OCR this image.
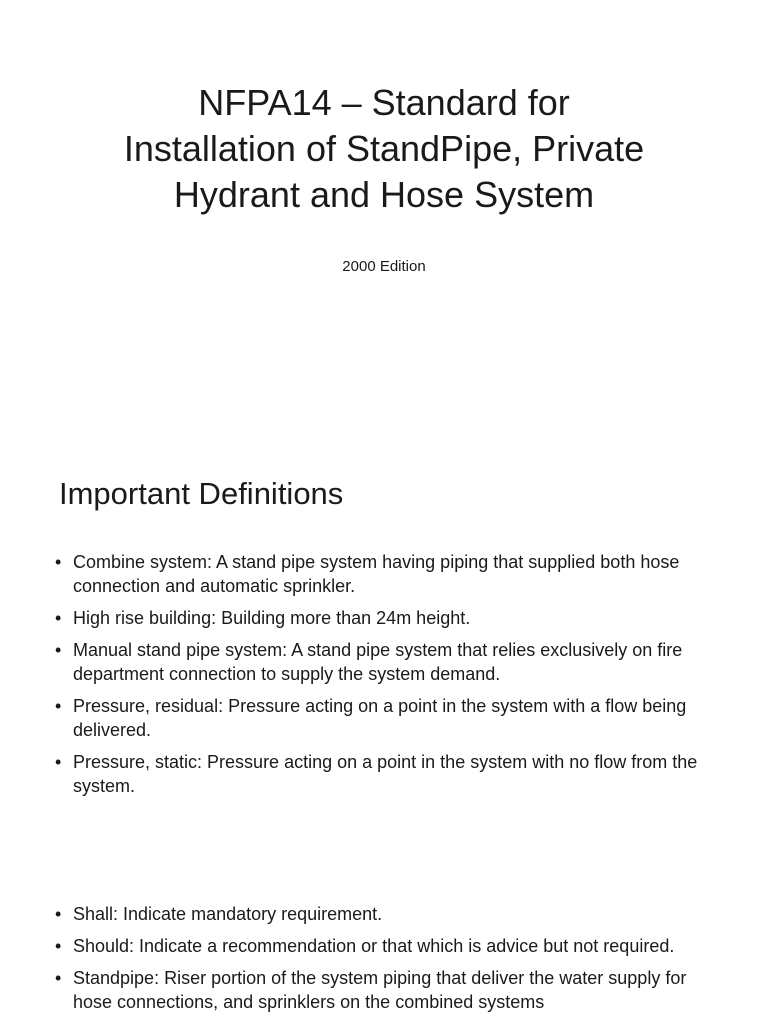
NFPA14 – Standard for
Installation of StandPipe, Private
Hydrant and Hose System

2000 Edition

Important Definitions
• Combine system: A stand pipe system having piping that supplied both hose connection and automatic sprinkler.
• High rise building: Building more than 24m height.
• Manual stand pipe system: A stand pipe system that relies exclusively on fire department connection to supply the system demand.
• Pressure, residual: Pressure acting on a point in the system with a flow being delivered.
• Pressure, static: Pressure acting on a point in the system with no flow from the system.
• Shall: Indicate mandatory requirement.
• Should: Indicate a recommendation or that which is advice but not required.
• Standpipe: Riser portion of the system piping that deliver the water supply for hose connections, and sprinklers on the combined systems
